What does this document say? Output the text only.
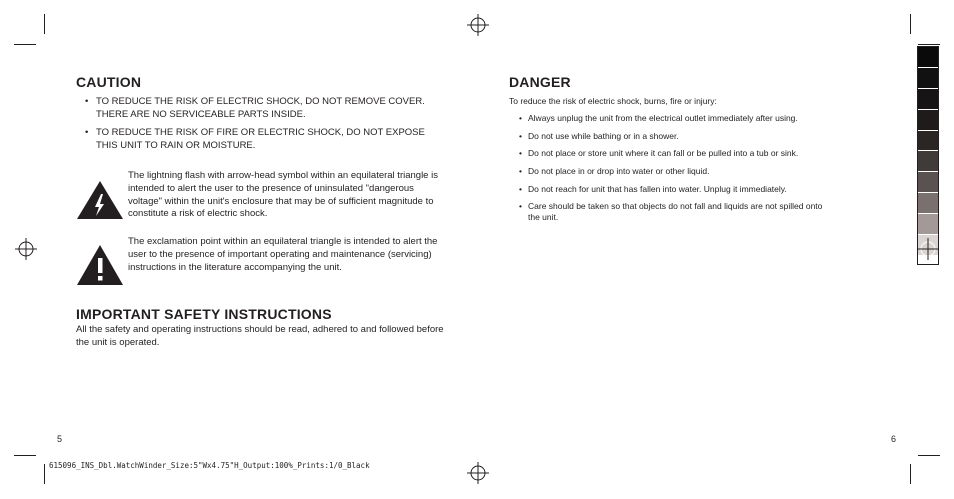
CAUTION
• TO REDUCE THE RISK OF ELECTRIC SHOCK, DO NOT REMOVE COVER. THERE ARE NO SERVICEABLE PARTS INSIDE.
• TO REDUCE THE RISK OF FIRE OR ELECTRIC SHOCK, DO NOT EXPOSE THIS UNIT TO RAIN OR MOISTURE.
The lightning flash with arrow-head symbol within an equilateral triangle is intended to alert the user to the presence of uninsulated "dangerous voltage" within the unit's enclosure that may be of sufficient magnitude to constitute a risk of electric shock.
The exclamation point within an equilateral triangle is intended to alert the user to the presence of important operating and maintenance (servicing) instructions in the literature accompanying the unit.
IMPORTANT SAFETY INSTRUCTIONS
All the safety and operating instructions should be read, adhered to and followed before the unit is operated.
DANGER
To reduce the risk of electric shock, burns, fire or injury:
• Always unplug the unit from the electrical outlet immediately after using.
• Do not use while bathing or in a shower.
• Do not place or store unit where it can fall or be pulled into a tub or sink.
• Do not place in or drop into water or other liquid.
• Do not reach for unit that has fallen into water. Unplug it immediately.
• Care should be taken so that objects do not fall and liquids are not spilled onto the unit.
5	6
615096_INS_Dbl.WatchWinder_Size:5"Wx4.75"H_Output:100%_Prints:1/0_Black
